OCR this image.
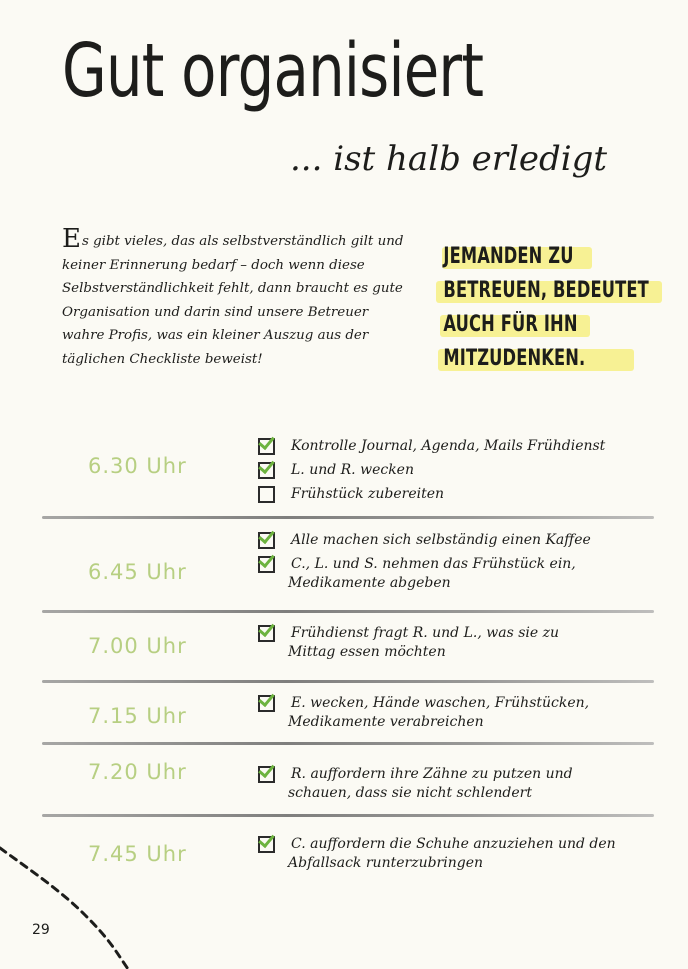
Gut organisiert
... ist halb erledigt
Es gibt vieles, das als selbstverständlich gilt und keiner Erinnerung bedarf – doch wenn diese Selbstverständlichkeit fehlt, dann braucht es gute Organisation und darin sind unsere Betreuer wahre Profis, was ein kleiner Auszug aus der täglichen Checkliste beweist!
JEMANDEN ZU
BETREUEN, BEDEUTET
AUCH FÜR IHN
MITZUDENKEN.
6.30 Uhr
Kontrolle Journal, Agenda, Mails Frühdienst
L. und R. wecken
Frühstück zubereiten
6.45 Uhr
Alle machen sich selbständig einen Kaffee
C., L. und S. nehmen das Frühstück ein,
Medikamente abgeben
7.00 Uhr
Frühdienst fragt R. und L., was sie zu
Mittag essen möchten
7.15 Uhr
E. wecken, Hände waschen, Frühstücken,
Medikamente verabreichen
7.20 Uhr	R. auffordern ihre Zähne zu putzen und
schauen, dass sie nicht schlendert
7.45 Uhr	C. auffordern die Schuhe anzuziehen und den
Abfallsack runterzubringen
29
